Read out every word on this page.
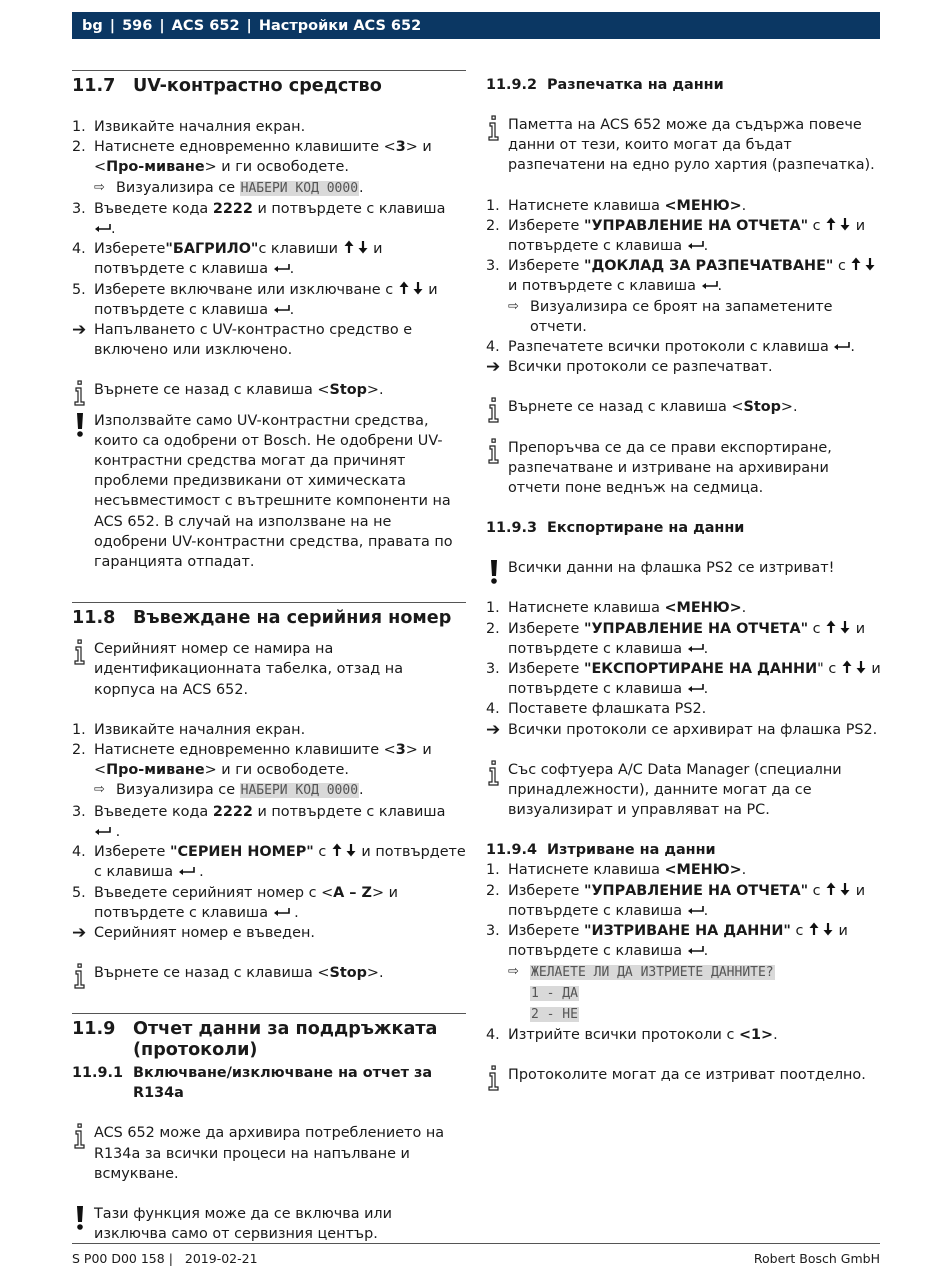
bg | 596 | ACS 652 | Настройки ACS 652
11.7 UV-контрастно средство
1. Извикайте началния екран.
2. Натиснете едновременно клавишите <3> и <Про-миване> и ги освободете.
⇨ Визуализира се НАБЕРИ КОД 0000.
3. Въведете кода 2222 и потвърдете с клавиша .
4. Изберете"БАГРИЛО"с клавиши  и потвърдете с клавиша .
5. Изберете включване или изключване с  и потвърдете с клавиша .
➔ Напълването с UV-контрастно средство е включено или изключено.
Върнете се назад с клавиша <Stop>.
Използвайте само UV-контрастни средства, които са одобрени от Bosch. Не одобрени UV-контрастни средства могат да причинят проблеми предизвикани от химическата несъвместимост с вътрешните компоненти на ACS 652. В случай на използване на не одобрени UV-контрастни средства, правата по гаранцията отпадат.
11.8 Въвеждане на серийния номер
Серийният номер се намира на идентификационната табелка, отзад на корпуса на ACS 652.
1. Извикайте началния екран.
2. Натиснете едновременно клавишите <3> и <Про-миване> и ги освободете.
⇨ Визуализира се НАБЕРИ КОД 0000.
3. Въведете кода 2222 и потвърдете с клавиша  .
4. Изберете "СЕРИЕН НОМЕР" с  и потвърдете с клавиша  .
5. Въведете серийният номер с <A – Z> и потвърдете с клавиша  .
➔ Серийният номер е въведен.
Върнете се назад с клавиша <Stop>.
11.9 Отчет данни за поддръжката (протоколи)
11.9.1 Включване/изключване на отчет за R134a
ACS 652 може да архивира потреблението на R134a за всички процеси на напълване и всмукване.
Тази функция може да се включва или изключва само от сервизния център.
11.9.2 Разпечатка на данни
Паметта на ACS 652 може да съдържа повече данни от тези, които могат да бъдат разпечатени на едно руло хартия (разпечатка).
1. Натиснете клавиша <МЕНЮ>.
2. Изберете "УПРАВЛЕНИЕ НА ОТЧЕТА" с  и потвърдете с клавиша .
3. Изберете "ДОКЛАД ЗА РАЗПЕЧАТВАНЕ" с  и потвърдете с клавиша .
⇨ Визуализира се броят на запаметените отчети.
4. Разпечатете всички протоколи с клавиша .
➔ Всички протоколи се разпечатват.
Върнете се назад с клавиша <Stop>.
Препоръчва се да се прави експортиране, разпечатване и изтриване на архивирани отчети поне веднъж на седмица.
11.9.3 Експортиране на данни
Всички данни на флашка PS2 се изтриват!
1. Натиснете клавиша <МЕНЮ>.
2. Изберете "УПРАВЛЕНИЕ НА ОТЧЕТА" с  и потвърдете с клавиша .
3. Изберете "ЕКСПОРТИРАНЕ НА ДАННИ" с  и потвърдете с клавиша .
4. Поставете флашката PS2.
➔ Всички протоколи се архивират на флашка PS2.
Със софтуера A/C Data Manager (специални принадлежности), данните могат да се визуализират и управляват на PC.
11.9.4 Изтриване на данни
1. Натиснете клавиша <МЕНЮ>.
2. Изберете "УПРАВЛЕНИЕ НА ОТЧЕТА" с  и потвърдете с клавиша .
3. Изберете "ИЗТРИВАНЕ НА ДАННИ" с  и потвърдете с клавиша .
⇨ ЖЕЛАЕТЕ ЛИ ДА ИЗТРИЕТЕ ДАННИТЕ?
1 - ДА
2 - НЕ
4. Изтрийте всички протоколи с <1>.
Протоколите могат да се изтриват поотделно.
S P00 D00 158 | 2019-02-21	Robert Bosch GmbH
